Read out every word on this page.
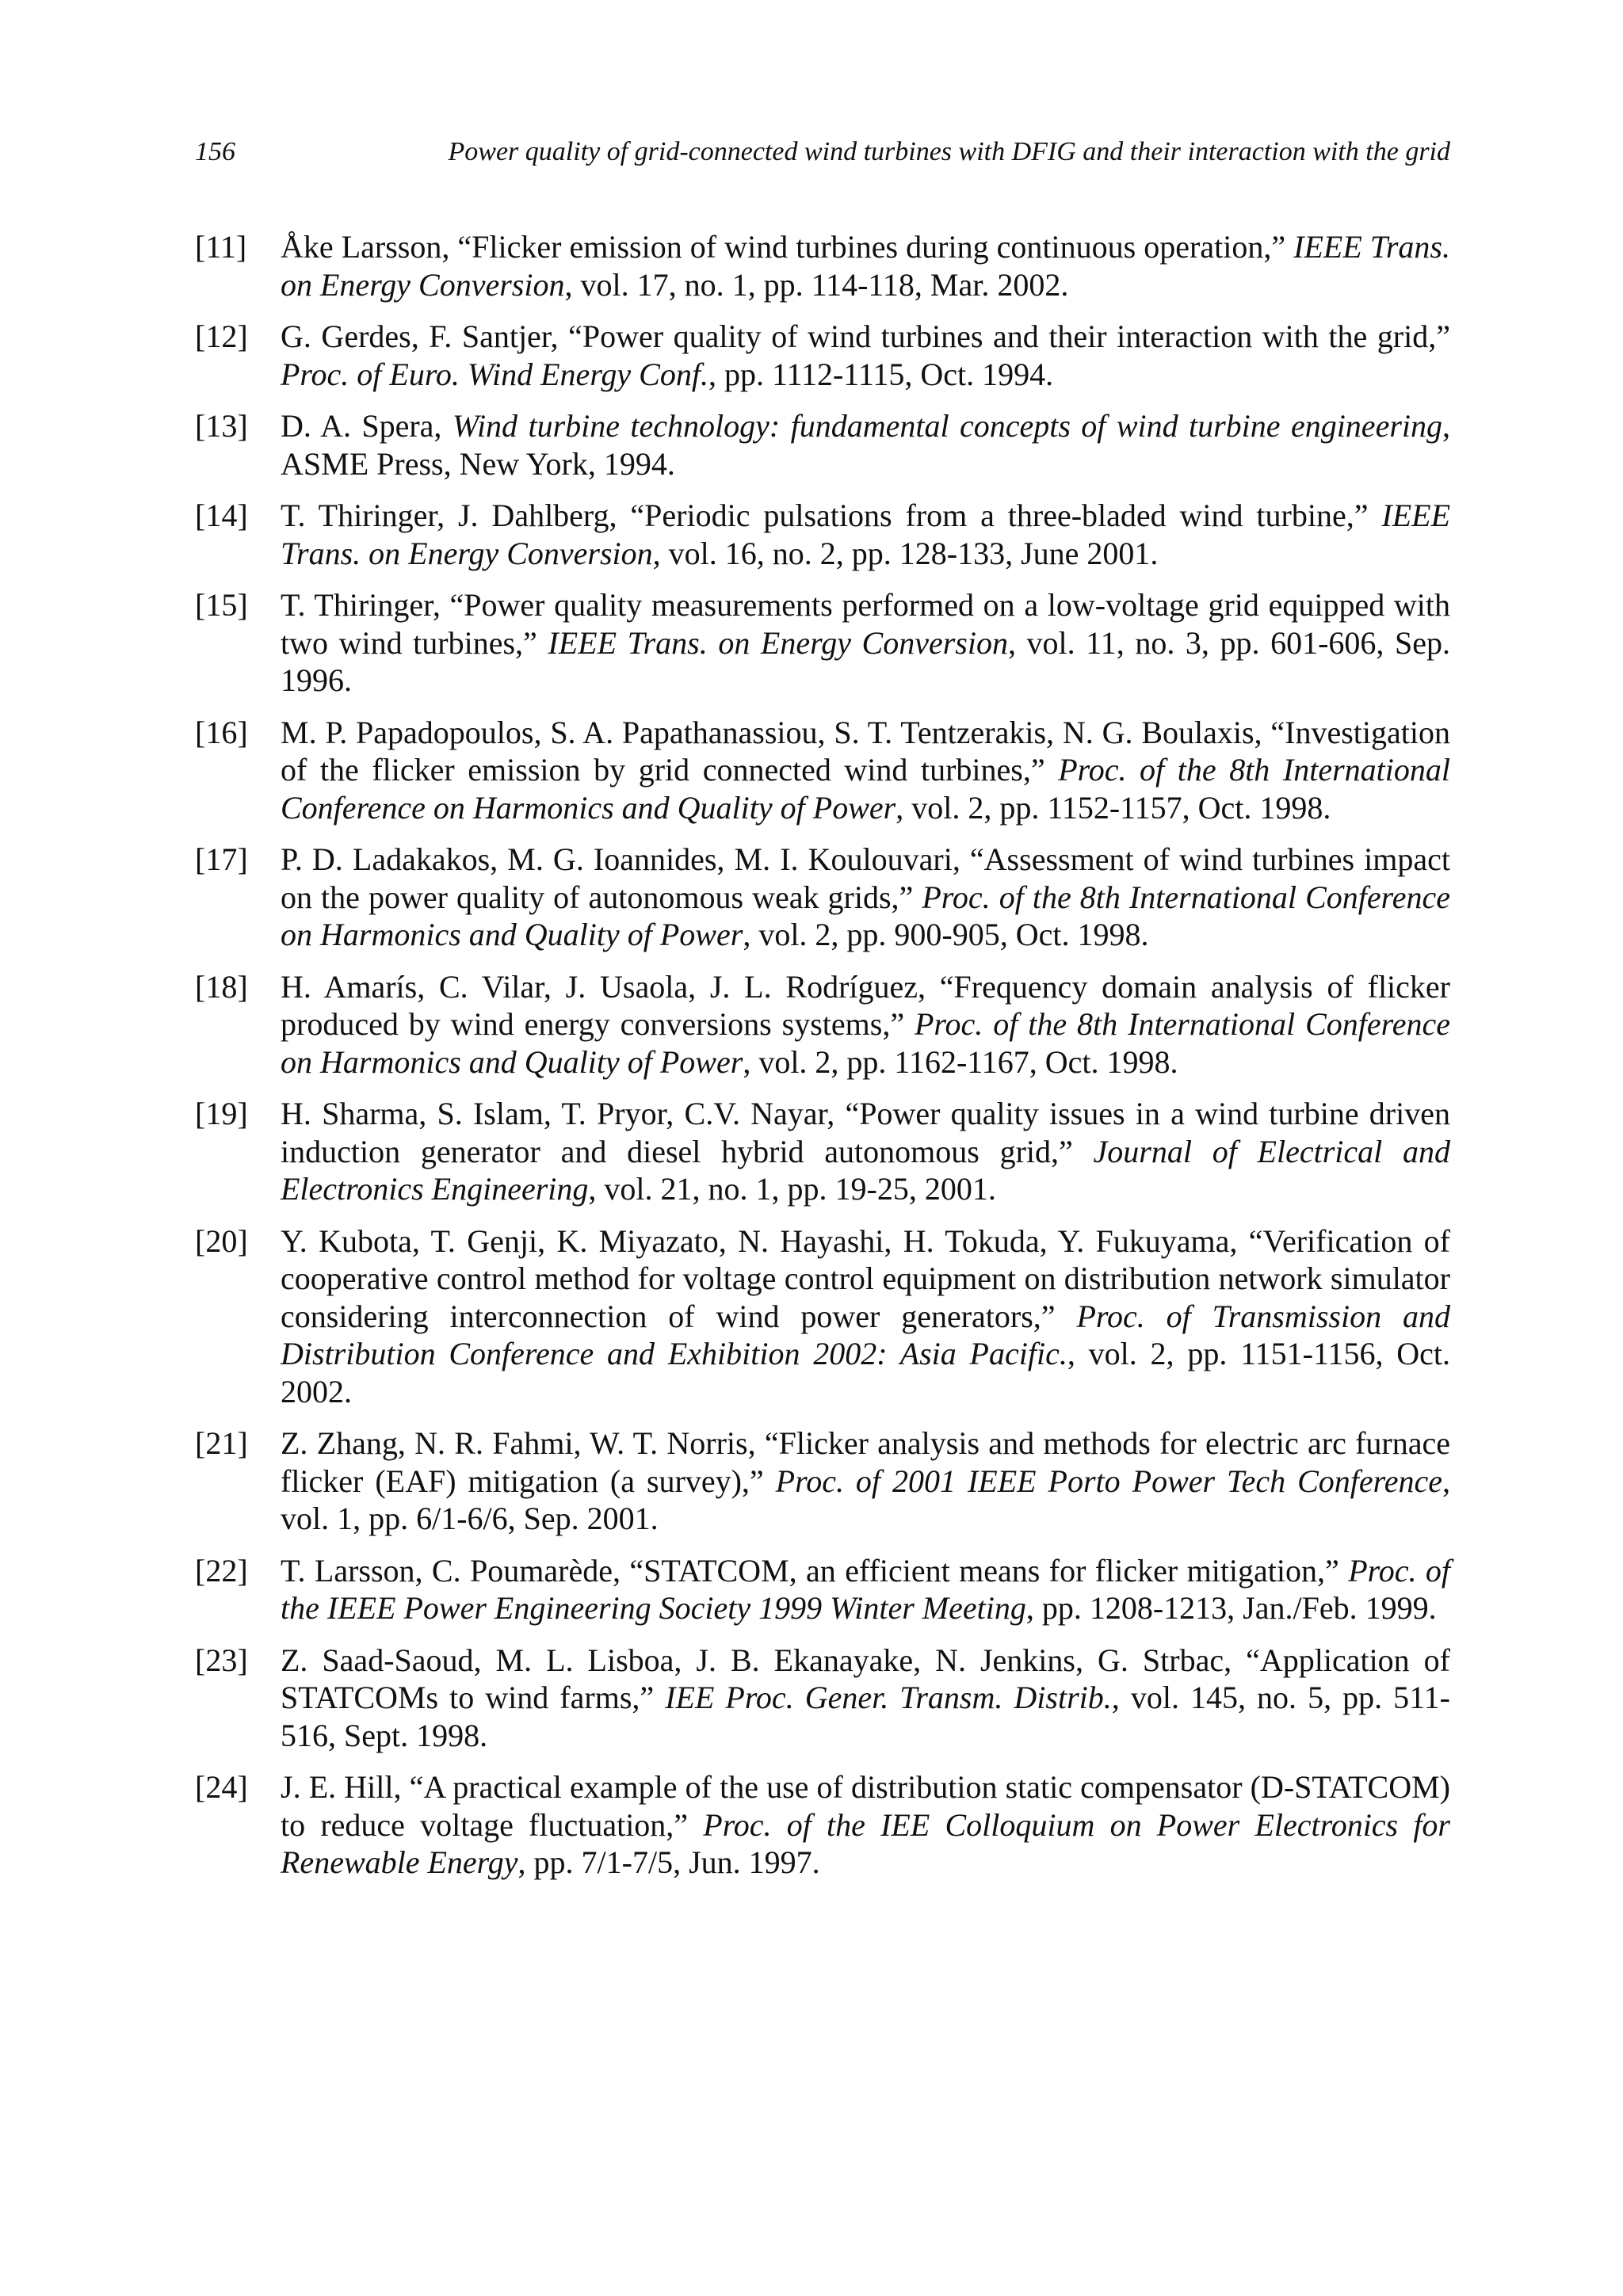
156	Power quality of grid-connected wind turbines with DFIG and their interaction with the grid
[11] Åke Larsson, “Flicker emission of wind turbines during continuous operation,” IEEE Trans. on Energy Conversion, vol. 17, no. 1, pp. 114-118, Mar. 2002.
[12] G. Gerdes, F. Santjer, “Power quality of wind turbines and their interaction with the grid,” Proc. of Euro. Wind Energy Conf., pp. 1112-1115, Oct. 1994.
[13] D. A. Spera, Wind turbine technology: fundamental concepts of wind turbine engineering, ASME Press, New York, 1994.
[14] T. Thiringer, J. Dahlberg, “Periodic pulsations from a three-bladed wind turbine,” IEEE Trans. on Energy Conversion, vol. 16, no. 2, pp. 128-133, June 2001.
[15] T. Thiringer, “Power quality measurements performed on a low-voltage grid equipped with two wind turbines,” IEEE Trans. on Energy Conversion, vol. 11, no. 3, pp. 601-606, Sep. 1996.
[16] M. P. Papadopoulos, S. A. Papathanassiou, S. T. Tentzerakis, N. G. Boulaxis, “Investigation of the flicker emission by grid connected wind turbines,” Proc. of the 8th International Conference on Harmonics and Quality of Power, vol. 2, pp. 1152-1157, Oct. 1998.
[17] P. D. Ladakakos, M. G. Ioannides, M. I. Koulouvari, “Assessment of wind turbines impact on the power quality of autonomous weak grids,” Proc. of the 8th International Conference on Harmonics and Quality of Power, vol. 2, pp. 900-905, Oct. 1998.
[18] H. Amarís, C. Vilar, J. Usaola, J. L. Rodríguez, “Frequency domain analysis of flicker produced by wind energy conversions systems,” Proc. of the 8th International Conference on Harmonics and Quality of Power, vol. 2, pp. 1162-1167, Oct. 1998.
[19] H. Sharma, S. Islam, T. Pryor, C.V. Nayar, “Power quality issues in a wind turbine driven induction generator and diesel hybrid autonomous grid,” Journal of Electrical and Electronics Engineering, vol. 21, no. 1, pp. 19-25, 2001.
[20] Y. Kubota, T. Genji, K. Miyazato, N. Hayashi, H. Tokuda, Y. Fukuyama, “Verification of cooperative control method for voltage control equipment on distribution network simulator considering interconnection of wind power generators,” Proc. of Transmission and Distribution Conference and Exhibition 2002: Asia Pacific., vol. 2, pp. 1151-1156, Oct. 2002.
[21] Z. Zhang, N. R. Fahmi, W. T. Norris, “Flicker analysis and methods for electric arc furnace flicker (EAF) mitigation (a survey),” Proc. of 2001 IEEE Porto Power Tech Conference, vol. 1, pp. 6/1-6/6, Sep. 2001.
[22] T. Larsson, C. Poumarède, “STATCOM, an efficient means for flicker mitigation,” Proc. of the IEEE Power Engineering Society 1999 Winter Meeting, pp. 1208-1213, Jan./Feb. 1999.
[23] Z. Saad-Saoud, M. L. Lisboa, J. B. Ekanayake, N. Jenkins, G. Strbac, “Application of STATCOMs to wind farms,” IEE Proc. Gener. Transm. Distrib., vol. 145, no. 5, pp. 511-516, Sept. 1998.
[24] J. E. Hill, “A practical example of the use of distribution static compensator (D-STATCOM) to reduce voltage fluctuation,” Proc. of the IEE Colloquium on Power Electronics for Renewable Energy, pp. 7/1-7/5, Jun. 1997.
